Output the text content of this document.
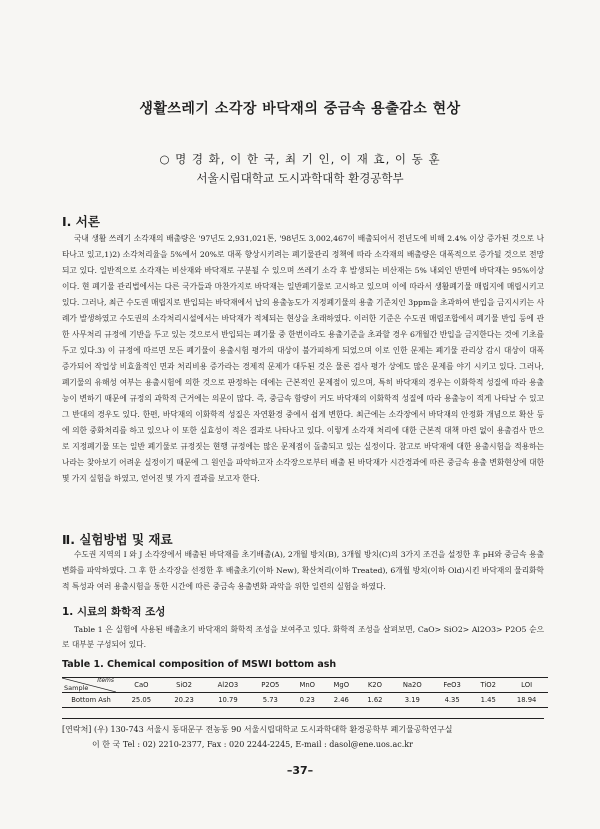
생활쓰레기 소각장 바닥재의 중금속 용출감소 현상
○ 명 경 화, 이 한 국, 최 기 인, 이 재 효, 이 동 훈
서울시립대학교 도시과학대학 환경공학부
Ⅰ. 서론

국내 생활 쓰레기 소각재의 배출량은 '97년도 2,931,021톤, '98년도 3,002,467이 배출되어서 전년도에 비해 2.4% 이상 증가된 것으로 나타나고 있고,1)2) 소각처리율을 5%에서 20%로 대폭 향상시키려는 폐기물관리 정책에 따라 소각재의 배출량은 대폭적으로 증가될 것으로 전망되고 있다. 일반적으로 소각재는 비산재와 바닥재로 구분될 수 있으며 쓰레기 소각 후 발생되는 비산재는 5% 내외인 반면에 바닥재는 95%이상이다. 현 폐기물 관리법에서는 다른 국가들과 마찬가지로 바닥재는 일반폐기물로 고시하고 있으며 이에 따라서 생활폐기물 매립지에 매립시키고 있다. 그러나, 최근 수도권 매립지로 반입되는 바닥재에서 납의 용출농도가 지정폐기물의 용출 기준치인 3ppm을 초과하여 반입을 금지시키는 사례가 발생하였고 수도권의 소각처리시설에서는 바닥재가 적체되는 현상을 초래하였다. 이러한 기준은 수도권 매립조합에서 폐기물 반입 등에 관한 사무처리 규정에 기반을 두고 있는 것으로서 반입되는 폐기물 중 한번이라도 용출기준을 초과할 경우 6개월간 반입을 금지한다는 것에 기초를 두고 있다.3) 이 규정에 따르면 모든 폐기물이 용출시험 평가의 대상이 불가피하게 되었으며 이로 인한 문제는 폐기물 관리상 감시 대상이 대폭 증가되어 작업상 비효율적인 면과 처리비용 증가라는 경제적 문제가 대두된 것은 물론 검사 평가 상에도 많은 문제를 야기 시키고 있다. 그러나, 폐기물의 유해성 여부는 용출시험에 의한 것으로 판정하는 데에는 근본적인 문제점이 있으며, 특히 바닥재의 경우는 이화학적 성질에 따라 용출능이 변하기 때문에 규정의 과학적 근거에는 의문이 많다. 즉, 중금속 함량이 커도 바닥재의 이화학적 성질에 따라 용출능이 적게 나타날 수 있고 그 반대의 경우도 있다. 한편, 바닥재의 이화학적 성질은 자연환경 중에서 쉽게 변한다. 최근에는 소각장에서 바닥재의 안정화 개념으로 확산 등에 의한 중화처리를 하고 있으나 이 또한 실효성이 적은 결과로 나타나고 있다. 이렇게 소각재 처리에 대한 근본적 대책 마련 없이 용출검사 만으로 지정폐기물 또는 일반 폐기물로 규정짓는 현행 규정에는 많은 문제점이 돌출되고 있는 실정이다. 참고로 바닥재에 대한 용출시험을 적용하는 나라는 찾아보기 어려운 실정이기 때문에 그 원인을 파악하고자 소각장으로부터 배출 된 바닥재가 시간경과에 따른 중금속 용출 변화현상에 대한 몇 가지 실험을 하였고, 얻어진 몇 가지 결과를 보고자 한다.

Ⅱ. 실험방법 및 재료

수도권 지역의 I 와 J 소각장에서 배출된 바닥재를 초기배출(A), 2개월 방치(B), 3개월 방치(C)의 3가지 조건을 설정한 후 pH와 중금속 용출 변화를 파악하였다. 그 후 한 소각장을 선정한 후 배출초기(이하 New), 확산처리(이하 Treated), 6개월 방치(이하 Old)시킨 바닥재의 물리화학적 특성과 여러 용출시험을 통한 시간에 따른 중금속 용출변화 과악을 위한 일련의 실험을 하였다.

1. 시료의 화학적 조성

Table 1 은 실험에 사용된 배출초기 바닥재의 화학적 조성을 보여주고 있다. 화학적 조성을 살펴보면, CaO> SiO2> Al2O3> P2O5 순으로 대부분 구성되어 있다.

Table 1. Chemical composition of MSWI bottom ash
Items
Sample	CaO	SiO2	Al2O3	P2O5	MnO	MgO	K2O	Na2O	FeO3	TiO2	LOI
Bottom Ash	25.05	20.23	10.79	5.73	0.23	2.46	1.62	3.19	4.35	1.45	18.94
[연락처] (우) 130-743 서울시 동대문구 전농동 90 서울시립대학교 도시과학대학 환경공학부 폐기물공학연구실
이 한 국 Tel : 02) 2210-2377, Fax : 020 2244-2245, E-mail : dasol@ene.uos.ac.kr
–37–
